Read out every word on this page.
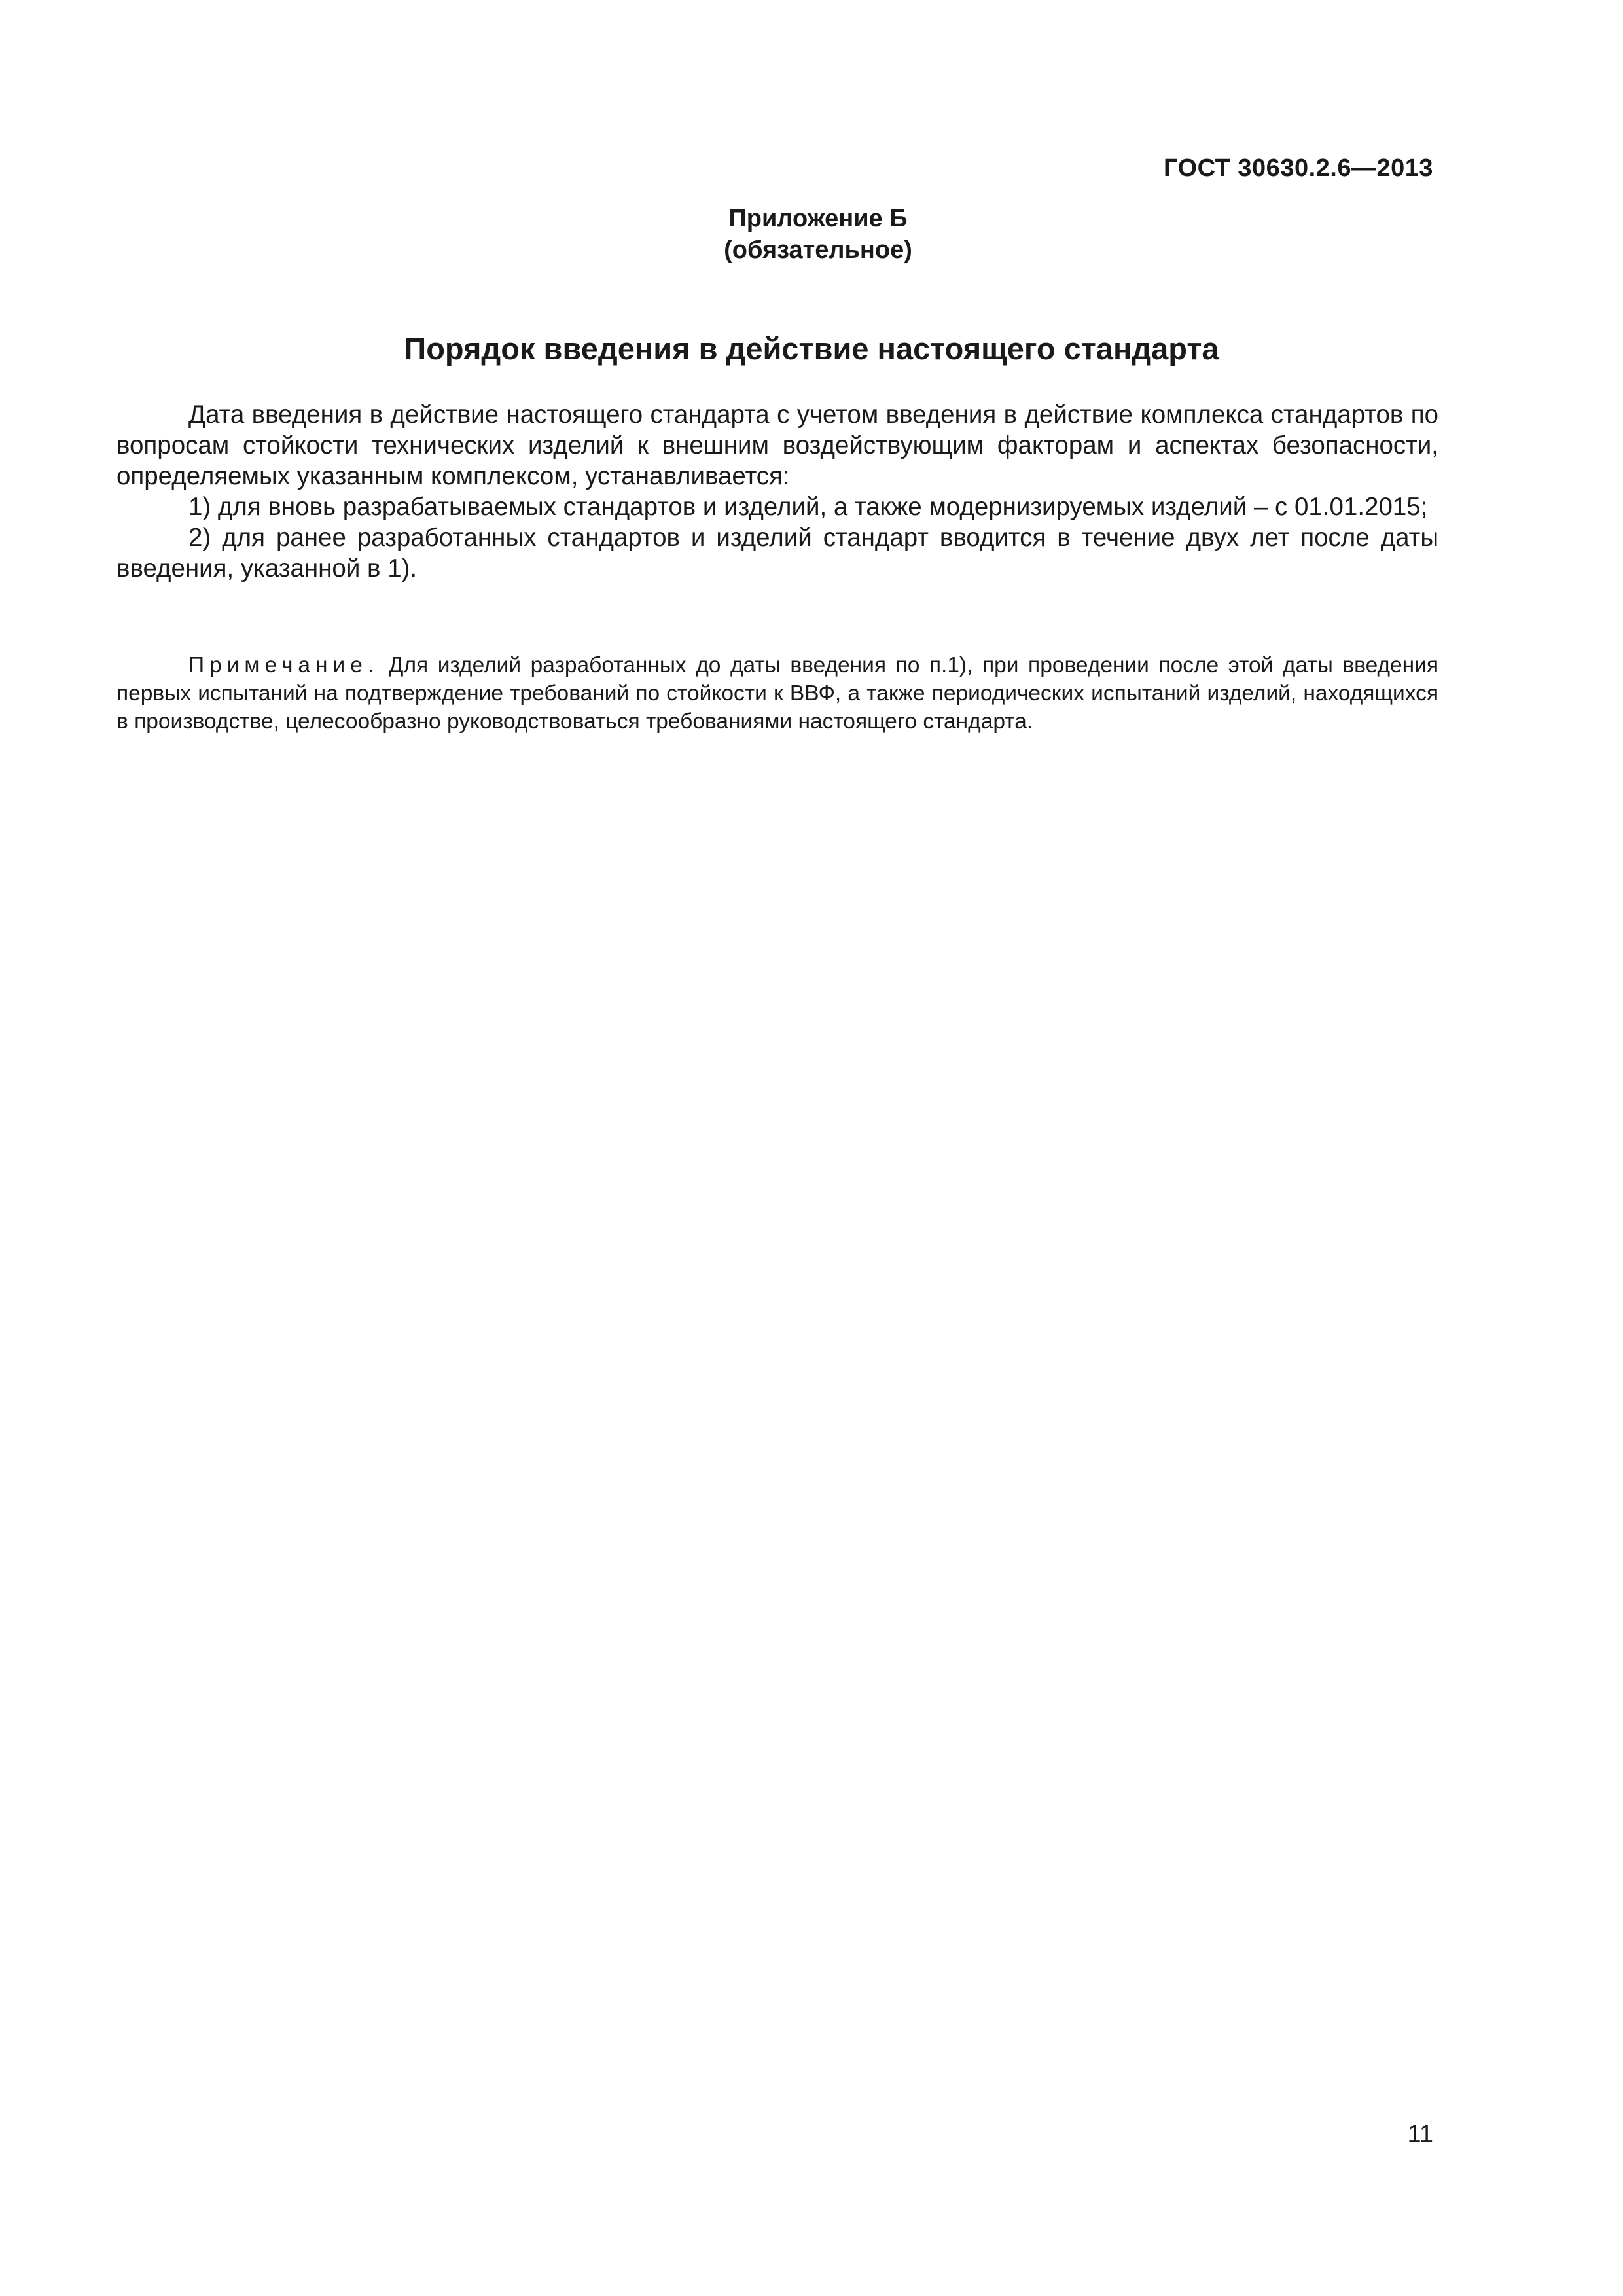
ГОСТ 30630.2.6—2013

Приложение Б

(обязательное)

Порядок введения в действие настоящего стандарта

Дата введения в действие настоящего стандарта с учетом введения в действие комплекса стандартов по вопросам стойкости технических изделий к внешним воздействующим факторам и аспектах безопасности, определяемых указанным комплексом, устанавливается:

1) для вновь разрабатываемых стандартов и изделий, а также модернизируемых изделий – с 01.01.2015;

2) для ранее разработанных стандартов и изделий стандарт вводится в течение двух лет после даты введения, указанной в 1).

Примечание. Для изделий разработанных до даты введения по п.1), при проведении после этой даты введения первых испытаний на подтверждение требований по стойкости к ВВФ, а также периодических испытаний изделий, находящихся в производстве, целесообразно руководствоваться требованиями настоящего стандарта.

11
